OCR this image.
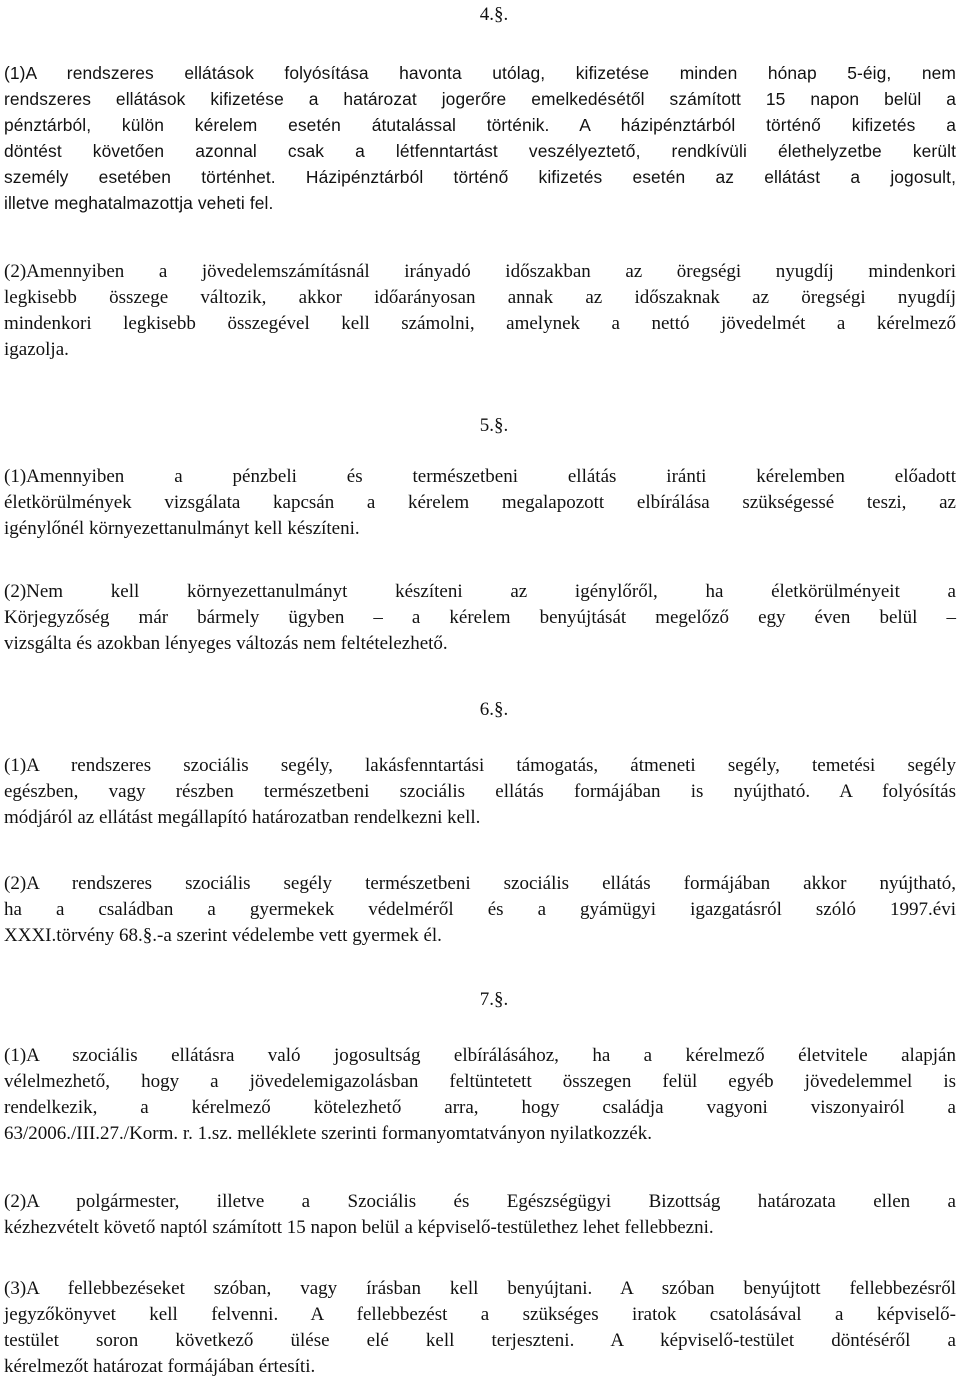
4.§.

(1)A rendszeres ellátások folyósítása havonta utólag, kifizetése minden hónap 5-éig, nem
rendszeres ellátások kifizetése a határozat jogerőre emelkedésétől számított 15 napon belül a
pénztárból, külön kérelem esetén átutalással történik. A házipénztárból történő kifizetés a
döntést követően azonnal csak a létfenntartást veszélyeztető, rendkívüli élethelyzetbe került
személy esetében történhet. Házipénztárból történő kifizetés esetén az ellátást a jogosult,
illetve meghatalmazottja veheti fel.

(2)Amennyiben a jövedelemszámításnál irányadó időszakban az öregségi nyugdíj mindenkori
legkisebb összege változik, akkor időarányosan annak az időszaknak az öregségi nyugdíj
mindenkori legkisebb összegével kell számolni, amelynek a nettó jövedelmét a kérelmező
igazolja.

5.§.

(1)Amennyiben a pénzbeli és természetbeni ellátás iránti kérelemben előadott
életkörülmények vizsgálata kapcsán a kérelem megalapozott elbírálása szükségessé teszi, az
igénylőnél környezettanulmányt kell készíteni.

(2)Nem kell környezettanulmányt készíteni az igénylőről, ha életkörülményeit a
Körjegyzőség már bármely ügyben – a kérelem benyújtását megelőző egy éven belül –
vizsgálta és azokban lényeges változás nem feltételezhető.

6.§.

(1)A rendszeres szociális segély, lakásfenntartási támogatás, átmeneti segély, temetési segély
egészben, vagy részben természetbeni szociális ellátás formájában is nyújtható. A folyósítás
módjáról az ellátást megállapító határozatban rendelkezni kell.

(2)A rendszeres szociális segély természetbeni szociális ellátás formájában akkor nyújtható,
ha a családban a gyermekek védelméről és a gyámügyi igazgatásról szóló 1997.évi
XXXI.törvény 68.§.-a szerint védelembe vett gyermek él.

7.§.

(1)A szociális ellátásra való jogosultság elbírálásához, ha a kérelmező életvitele alapján
vélelmezhető, hogy a jövedelemigazolásban feltüntetett összegen felül egyéb jövedelemmel is
rendelkezik, a kérelmező kötelezhető arra, hogy családja vagyoni viszonyairól a
63/2006./III.27./Korm. r. 1.sz. melléklete szerinti formanyomtatványon nyilatkozzék.

(2)A polgármester, illetve a Szociális és Egészségügyi Bizottság határozata ellen a
kézhezvételt követő naptól számított 15 napon belül a képviselő-testülethez lehet fellebbezni.

(3)A fellebbezéseket szóban, vagy írásban kell benyújtani. A szóban benyújtott fellebbezésről
jegyzőkönyvet kell felvenni. A fellebbezést a szükséges iratok csatolásával a képviselő-
testület soron következő ülése elé kell terjeszteni. A képviselő-testület döntéséről a
kérelmezőt határozat formájában értesíti.
